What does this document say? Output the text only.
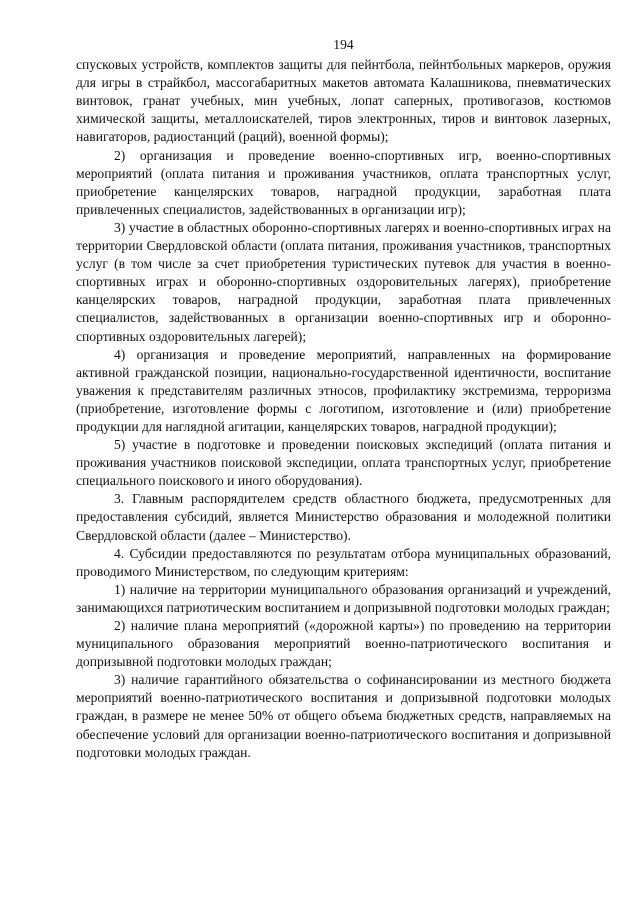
194

спусковых устройств, комплектов защиты для пейнтбола, пейнтбольных маркеров, оружия для игры в страйкбол, массогабаритных макетов автомата Калашникова, пневматических винтовок, гранат учебных, мин учебных, лопат саперных, противогазов, костюмов химической защиты, металлоискателей, тиров электронных, тиров и винтовок лазерных, навигаторов, радиостанций (раций), военной формы);

2) организация и проведение военно-спортивных игр, военно-спортивных мероприятий (оплата питания и проживания участников, оплата транспортных услуг, приобретение канцелярских товаров, наградной продукции, заработная плата привлеченных специалистов, задействованных в организации игр);

3) участие в областных оборонно-спортивных лагерях и военно-спортивных играх на территории Свердловской области (оплата питания, проживания участников, транспортных услуг (в том числе за счет приобретения туристических путевок для участия в военно-спортивных играх и оборонно-спортивных оздоровительных лагерях), приобретение канцелярских товаров, наградной продукции, заработная плата привлеченных специалистов, задействованных в организации военно-спортивных игр и оборонно-спортивных оздоровительных лагерей);

4) организация и проведение мероприятий, направленных на формирование активной гражданской позиции, национально-государственной идентичности, воспитание уважения к представителям различных этносов, профилактику экстремизма, терроризма (приобретение, изготовление формы с логотипом, изготовление и (или) приобретение продукции для наглядной агитации, канцелярских товаров, наградной продукции);

5) участие в подготовке и проведении поисковых экспедиций (оплата питания и проживания участников поисковой экспедиции, оплата транспортных услуг, приобретение специального поискового и иного оборудования).

3. Главным распорядителем средств областного бюджета, предусмотренных для предоставления субсидий, является Министерство образования и молодежной политики Свердловской области (далее – Министерство).

4. Субсидии предоставляются по результатам отбора муниципальных образований, проводимого Министерством, по следующим критериям:

1) наличие на территории муниципального образования организаций и учреждений, занимающихся патриотическим воспитанием и допризывной подготовки молодых граждан;

2) наличие плана мероприятий («дорожной карты») по проведению на территории муниципального образования мероприятий военно-патриотического воспитания и допризывной подготовки молодых граждан;

3) наличие гарантийного обязательства о софинансировании из местного бюджета мероприятий военно-патриотического воспитания и допризывной подготовки молодых граждан, в размере не менее 50% от общего объема бюджетных средств, направляемых на обеспечение условий для организации военно-патриотического воспитания и допризывной подготовки молодых граждан.
